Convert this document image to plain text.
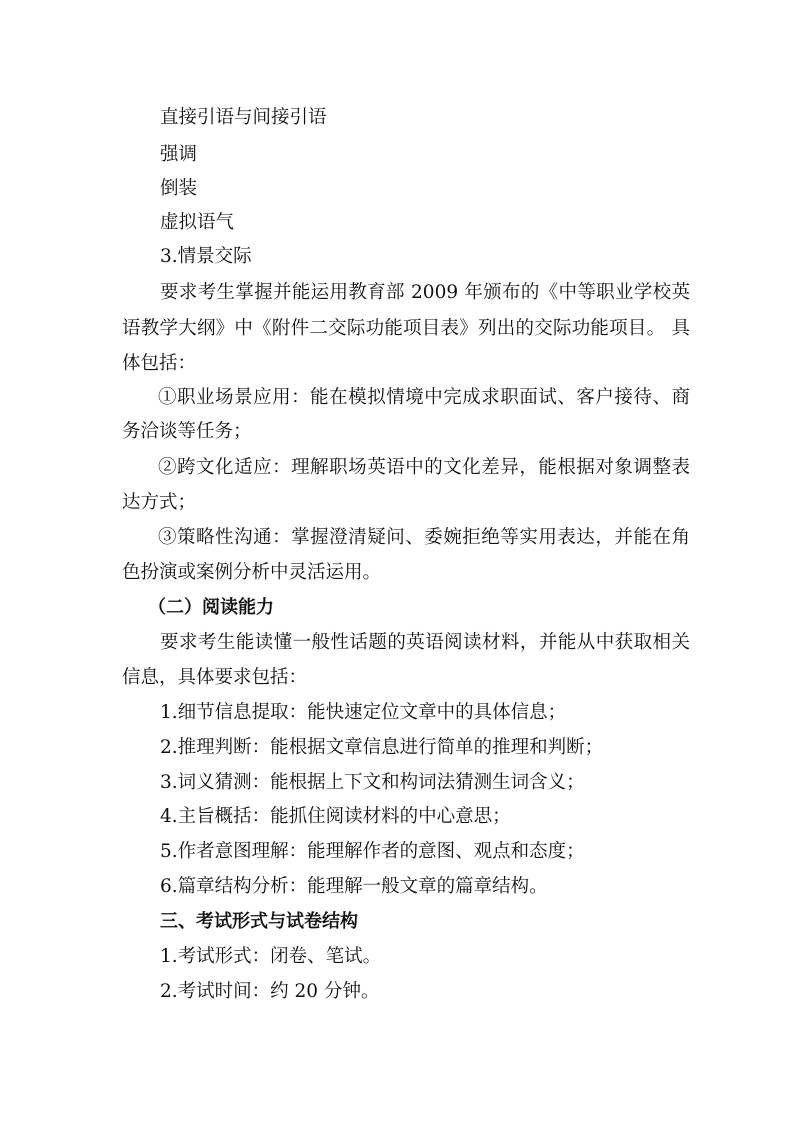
直接引语与间接引语

强调

倒装

虚拟语气

3.情景交际

要求考生掌握并能运用教育部 2009 年颁布的《中等职业学校英

语教学大纲》中《附件二交际功能项目表》列出的交际功能项目。 具

体包括：

①职业场景应用：能在模拟情境中完成求职面试、客户接待、商

务洽谈等任务；

②跨文化适应：理解职场英语中的文化差异，能根据对象调整表

达方式；

③策略性沟通：掌握澄清疑问、委婉拒绝等实用表达，并能在角

色扮演或案例分析中灵活运用。

（二）阅读能力

要求考生能读懂一般性话题的英语阅读材料，并能从中获取相关

信息，具体要求包括：

1.细节信息提取：能快速定位文章中的具体信息；

2.推理判断：能根据文章信息进行简单的推理和判断；

3.词义猜测：能根据上下文和构词法猜测生词含义；

4.主旨概括：能抓住阅读材料的中心意思；

5.作者意图理解：能理解作者的意图、观点和态度；

6.篇章结构分析：能理解一般文章的篇章结构。

三、考试形式与试卷结构

1.考试形式：闭卷、笔试。

2.考试时间：约 20 分钟。
